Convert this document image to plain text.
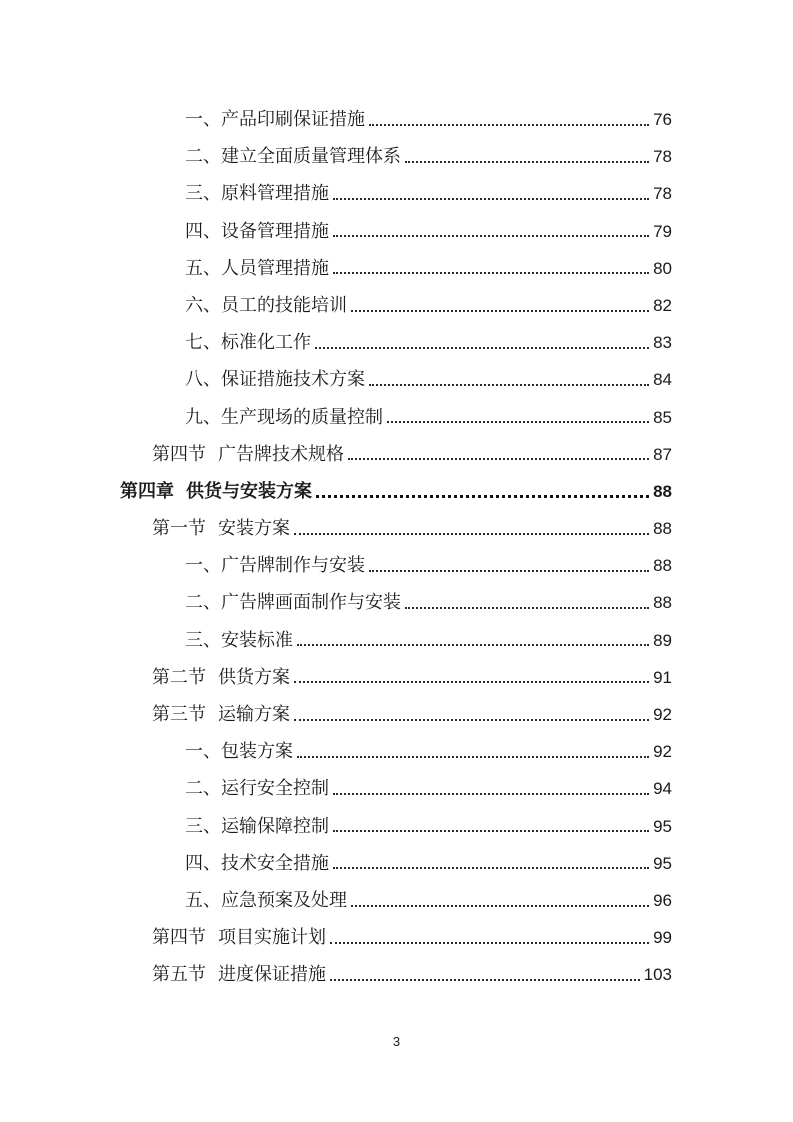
一、产品印刷保证措施	76
二、建立全面质量管理体系	78
三、原料管理措施	78
四、设备管理措施	79
五、人员管理措施	80
六、员工的技能培训	82
七、标准化工作	83
八、保证措施技术方案	84
九、生产现场的质量控制	85
第四节 广告牌技术规格	87
第四章 供货与安装方案	88
第一节 安装方案	88
一、广告牌制作与安装	88
二、广告牌画面制作与安装	88
三、安装标准	89
第二节 供货方案	91
第三节 运输方案	92
一、包装方案	92
二、运行安全控制	94
三、运输保障控制	95
四、技术安全措施	95
五、应急预案及处理	96
第四节 项目实施计划	99
第五节 进度保证措施	103
3
